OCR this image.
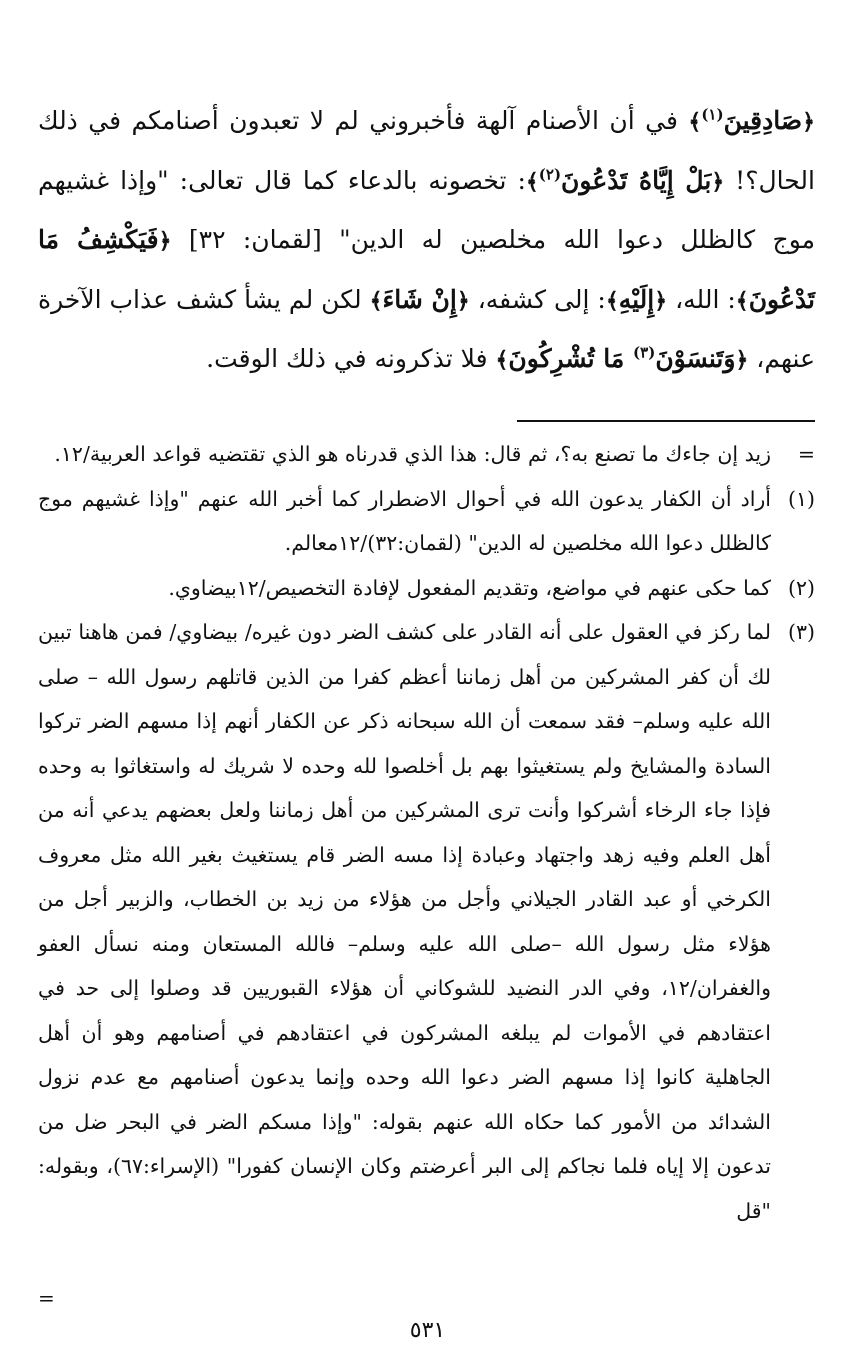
﴿صَادِقِينَ$^{(١)}$﴾ في أن الأصنام آلهة فأخبروني لم لا تعبدون أصنامكم في ذلك الحال؟! ﴿بَلْ إِيَّاهُ تَدْعُونَ$^{(٢)}$﴾: تخصونه بالدعاء كما قال تعالى: "وإذا غشيهم موج كالظلل دعوا الله مخلصين له الدين" [لقمان: ٣٢] ﴿فَيَكْشِفُ مَا تَدْعُونَ﴾: الله، ﴿إِلَيْهِ﴾: إلى كشفه، ﴿إِنْ شَاءَ﴾ لكن لم يشأ كشف عذاب الآخرة عنهم، ﴿وَتَنسَوْنَ$^{(٣)}$ مَا تُشْرِكُونَ﴾ فلا تذكرونه في ذلك الوقت.

=
زيد إن جاءك ما تصنع به؟، ثم قال: هذا الذي قدرناه هو الذي تقتضيه قواعد العربية/١٢.

(١)
أراد أن الكفار يدعون الله في أحوال الاضطرار كما أخبر الله عنهم "وإذا غشيهم موج كالظلل دعوا الله مخلصين له الدين" (لقمان:٣٢)/١٢معالم.

(٢)
كما حكى عنهم في مواضع، وتقديم المفعول لإفادة التخصيص/١٢بيضاوي.

(٣)
لما ركز في العقول على أنه القادر على كشف الضر دون غيره/ بيضاوي/ فمن هاهنا تبين لك أن كفر المشركين من أهل زماننا أعظم كفرا من الذين قاتلهم رسول الله – صلى الله عليه وسلم– فقد سمعت أن الله سبحانه ذكر عن الكفار أنهم إذا مسهم الضر تركوا السادة والمشايخ ولم يستغيثوا بهم بل أخلصوا لله وحده لا شريك له واستغاثوا به وحده فإذا جاء الرخاء أشركوا وأنت ترى المشركين من أهل زماننا ولعل بعضهم يدعي أنه من أهل العلم وفيه زهد واجتهاد وعبادة إذا مسه الضر قام يستغيث بغير الله مثل معروف الكرخي أو عبد القادر الجيلاني وأجل من هؤلاء من زيد بن الخطاب، والزبير أجل من هؤلاء مثل رسول الله –صلى الله عليه وسلم– فالله المستعان ومنه نسأل العفو والغفران/١٢، وفي الدر النضيد للشوكاني أن هؤلاء القبوريين قد وصلوا إلى حد في اعتقادهم في الأموات لم يبلغه المشركون في اعتقادهم في أصنامهم وهو أن أهل الجاهلية كانوا إذا مسهم الضر دعوا الله وحده وإنما يدعون أصنامهم مع عدم نزول الشدائد من الأمور كما حكاه الله عنهم بقوله: "وإذا مسكم الضر في البحر ضل من تدعون إلا إياه فلما نجاكم إلى البر أعرضتم وكان الإنسان كفورا" (الإسراء:٦٧)، وبقوله: "قل

=
٥٣١
